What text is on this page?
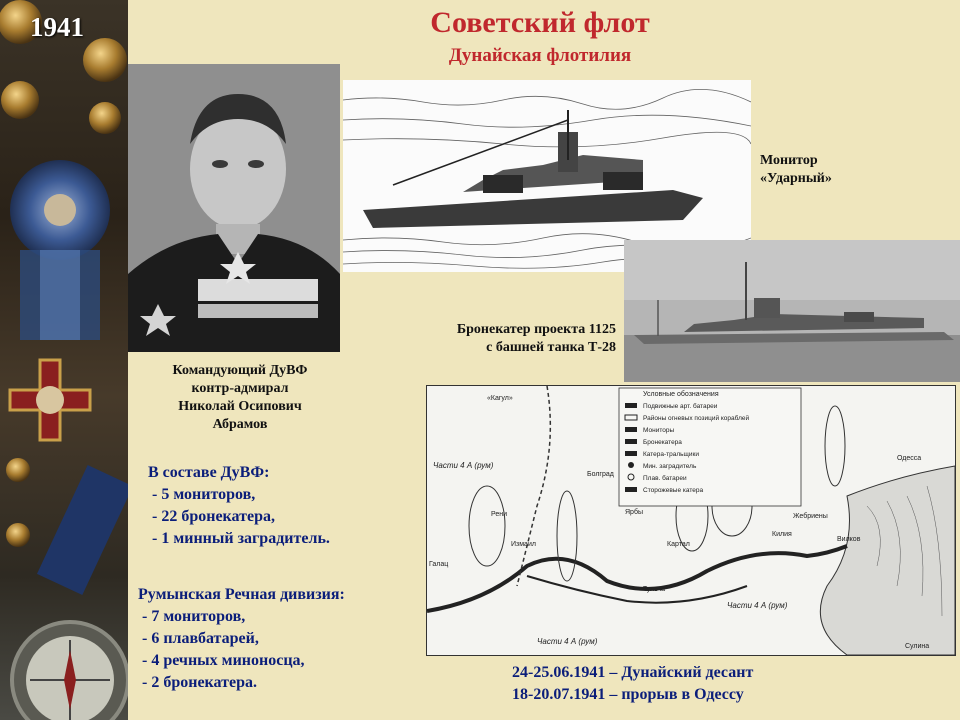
1941	Советский флот
Дунайская флотилия
Монитор
«Ударный»
Бронекатер проекта 1125
с башней танка Т-28
Командующий ДуВФ
контр-адмирал
Николай Осипович
Абрамов
Условные обозначения
Подвижные арт. батареи
Районы огневых позиций кораблей
Мониторы
Бронекатера
Катера-тральщики
Мин. заградитель
Плав. батареи
Сторожевые катера
«Кагул»
Части 4 А (рум)
Части 4 А (рум)
Части 4 А (рум)
Галац
Килия
Измаил
Тульча
Вилков
Сулина
Жебриены
Болград
Картал
Рени
Одесса
Ярбы
В составе ДуВФ:
- 5 мониторов,
- 22 бронекатера,
- 1 минный заградитель.
Румынская Речная дивизия:
- 7 мониторов,
- 6 плавбатарей,
- 4 речных миноносца,
- 2 бронекатера.
24-25.06.1941 – Дунайский десант
18-20.07.1941 – прорыв в Одессу
